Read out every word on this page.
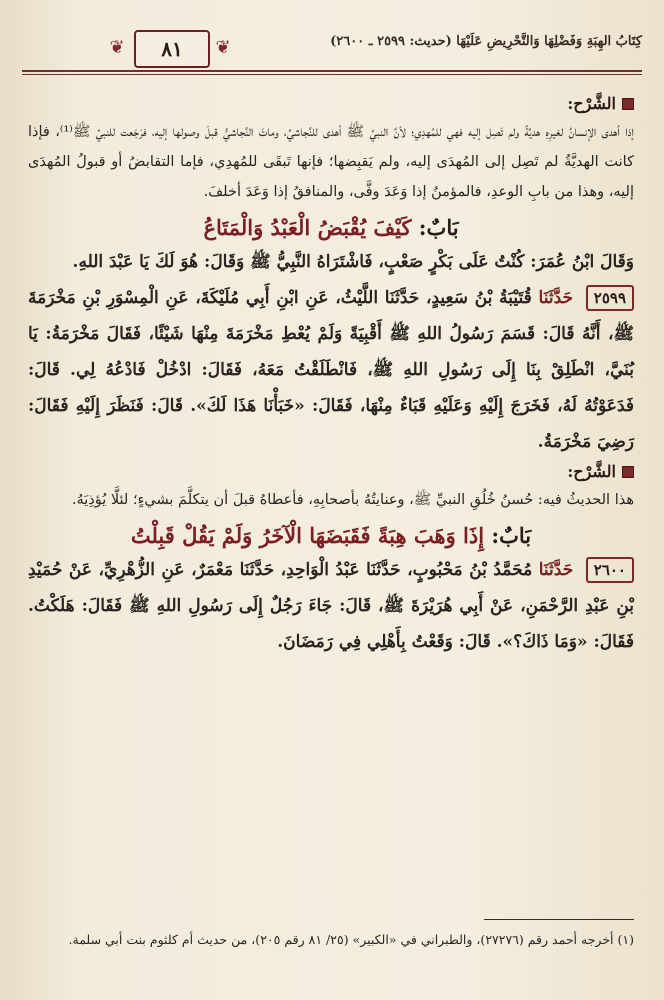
كِتَابُ الهِبَةِ وَفَضْلِهَا وَالتَّحْرِيضِ عَلَيْهَا (حديث: ٢٥٩٩ ـ ٢٦٠٠)
❦	٨١	❦
الشَّرْح:

إذا أهدى الإنسانُ لغيرِهِ هديَّةً ولم تَصِل إليه فهي للمُهدِي؛ لأنَّ النبيَّ ﷺ أهدى للنَّجاشيِّ، وماتَ النَّجاشيُّ قبلَ وصولها إليه، فرَجَعت للنبيِّ ﷺ⁽¹⁾، فإذا كانت الهديَّةُ لم تَصِل إلى المُهدَى إليه، ولم يَقبِضها؛ فإنها تَبقَى للمُهدِي، فإما التقابضُ أو قبولُ المُهدَى إليه، وهذا من بابِ الوعدِ، فالمؤمنُ إذا وَعَدَ وفَّى، والمنافقُ إذا وَعَدَ أخلفَ.

بَابٌ: كَيْفَ يُقْبَضُ الْعَبْدُ وَالْمَتَاعُ

وَقَالَ ابْنُ عُمَرَ: كُنْتُ عَلَى بَكْرٍ صَعْبٍ، فَاشْتَرَاهُ النَّبِيُّ ﷺ وَقَالَ: هُوَ لَكَ يَا عَبْدَ اللهِ.

٢٥٩٩ حَدَّثَنَا قُتَيْبَةُ بْنُ سَعِيدٍ، حَدَّثَنَا اللَّيْثُ، عَنِ ابْنِ أَبِي مُلَيْكَةَ، عَنِ الْمِسْوَرِ بْنِ مَخْرَمَةَ ﷺ، أَنَّهُ قَالَ: قَسَمَ رَسُولُ اللهِ ﷺ أَقْبِيَةً وَلَمْ يُعْطِ مَخْرَمَةَ مِنْهَا شَيْئًا، فَقَالَ مَخْرَمَةُ: يَا بُنَيَّ، انْطَلِقْ بِنَا إِلَى رَسُولِ اللهِ ﷺ، فَانْطَلَقْتُ مَعَهُ، فَقَالَ: ادْخُلْ فَادْعُهُ لِي. قَالَ: فَدَعَوْتُهُ لَهُ، فَخَرَجَ إِلَيْهِ وَعَلَيْهِ قَبَاءٌ مِنْهَا، فَقَالَ: «خَبَأْنَا هَذَا لَكَ». قَالَ: فَنَظَرَ إِلَيْهِ فَقَالَ: رَضِيَ مَخْرَمَةُ.

الشَّرْح:

هذا الحديثُ فيه: حُسنُ خُلُقِ النبيِّ ﷺ، وعنايتُهُ بأصحابِهِ، فأعطاهُ قبلَ أن يتكلَّمَ بشيءٍ؛ لئلَّا يُؤذِيَهُ.

بَابٌ: إِذَا وَهَبَ هِبَةً فَقَبَضَهَا الْآخَرُ وَلَمْ يَقُلْ قَبِلْتُ

٢٦٠٠ حَدَّثَنَا مُحَمَّدُ بْنُ مَحْبُوبٍ، حَدَّثَنَا عَبْدُ الْوَاحِدِ، حَدَّثَنَا مَعْمَرٌ، عَنِ الزُّهْرِيِّ، عَنْ حُمَيْدِ بْنِ عَبْدِ الرَّحْمَنِ، عَنْ أَبِي هُرَيْرَةَ ﷺ، قَالَ: جَاءَ رَجُلٌ إِلَى رَسُولِ اللهِ ﷺ فَقَالَ: هَلَكْتُ. فَقَالَ: «وَمَا ذَاكَ؟». قَالَ: وَقَعْتُ بِأَهْلِي فِي رَمَضَانَ.

(١) أخرجه أحمد رقم (٢٧٢٧٦)، والطبراني في «الكبير» (٢٥/ ٨١ رقم ٢٠٥)، من حديث أم كلثوم بنت أبي سلمة.
